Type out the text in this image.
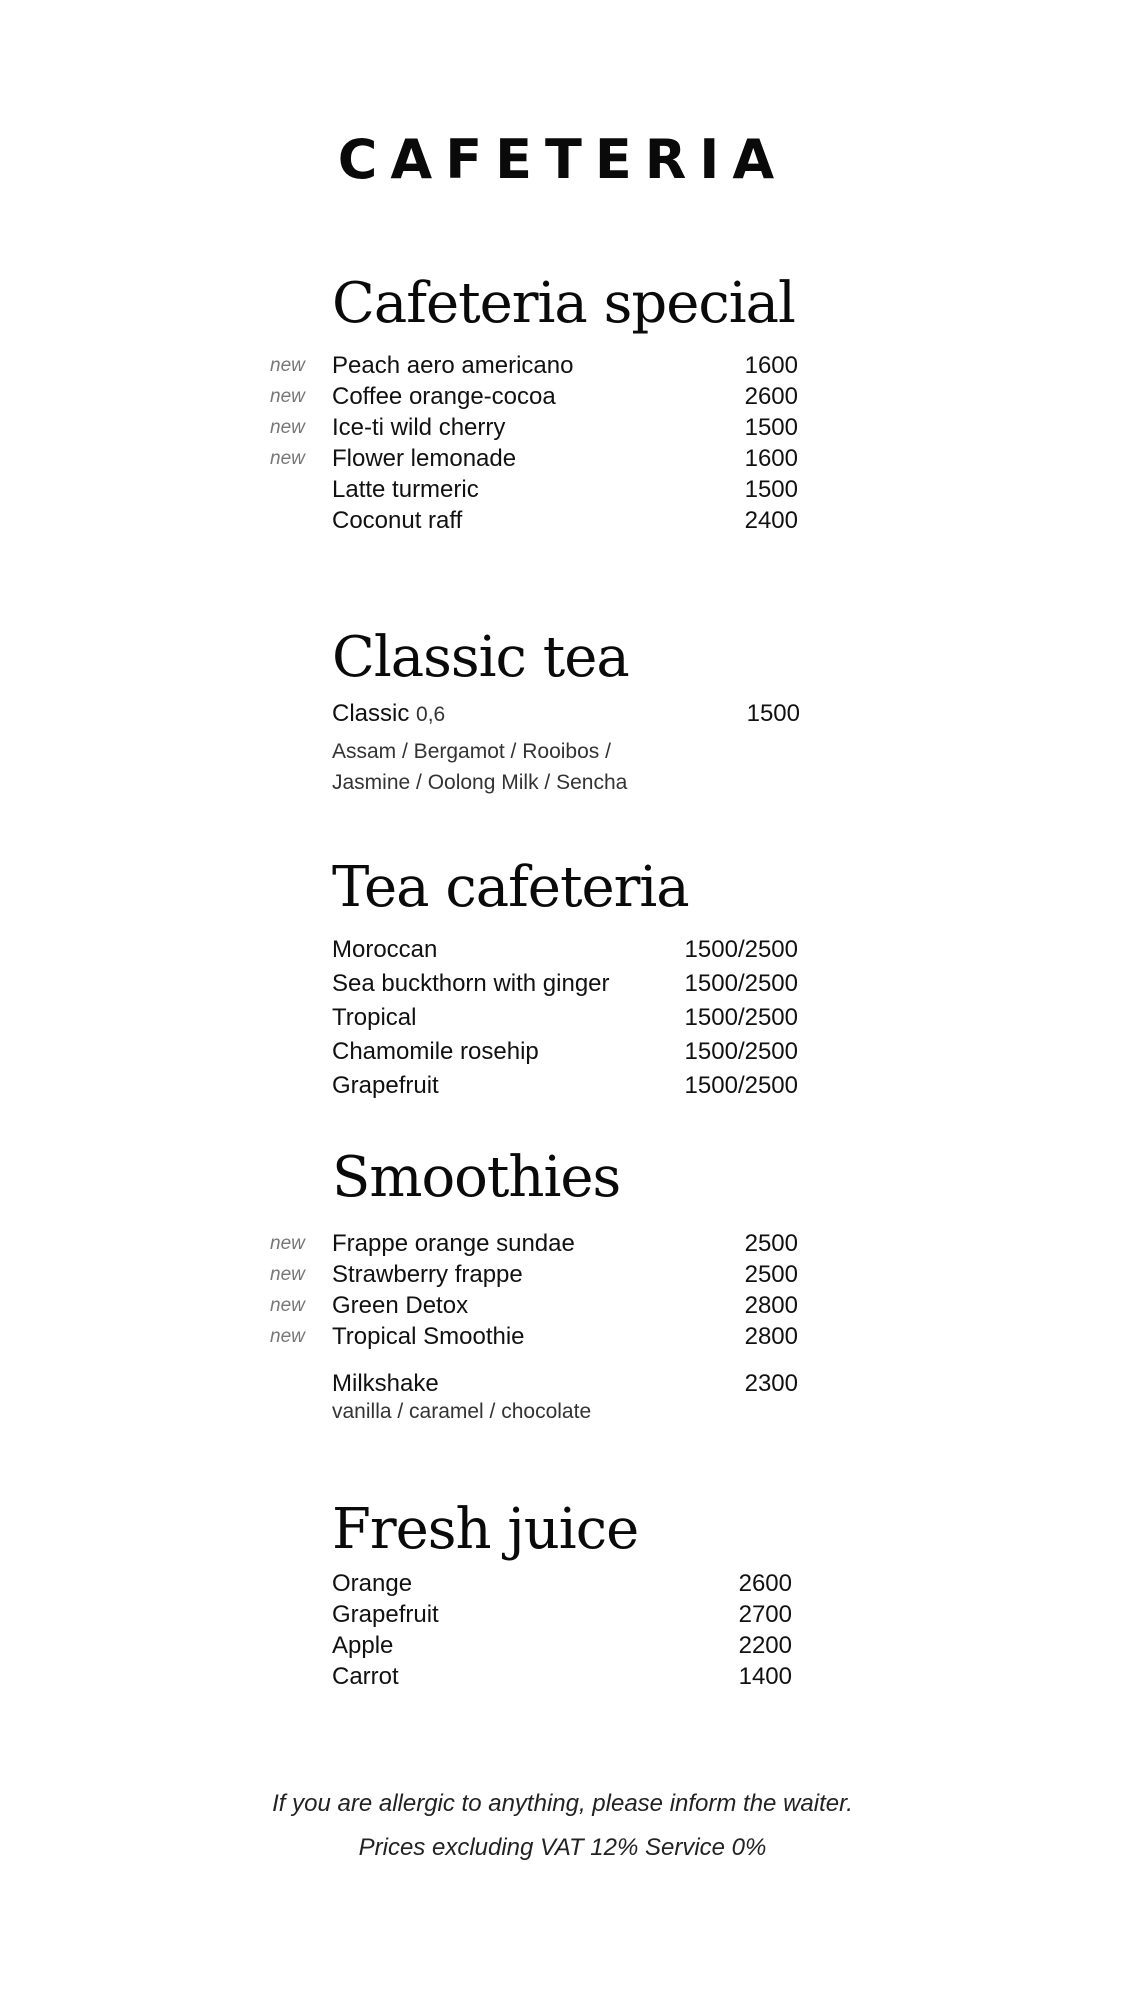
CAFETERIA
Cafeteria special
new Peach aero americano	1600
new Coffee orange-cocoa	2600
new Ice-ti wild cherry	1500
new Flower lemonade	1600
Latte turmeric	1500
Coconut raff	2400
Classic tea
Classic 0,6	1500
Assam / Bergamot / Rooibos /
Jasmine / Oolong Milk / Sencha
Tea cafeteria
Moroccan	1500/2500
Sea buckthorn with ginger	1500/2500
Tropical	1500/2500
Chamomile rosehip	1500/2500
Grapefruit	1500/2500
Smoothies
new Frappe orange sundae	2500
new Strawberry frappe	2500
new Green Detox	2800
new Tropical Smoothie	2800
Milkshake	2300
vanilla / caramel / chocolate
Fresh juice
Orange	2600
Grapefruit	2700
Apple	2200
Carrot	1400
If you are allergic to anything, please inform the waiter.
Prices excluding VAT 12% Service 0%
